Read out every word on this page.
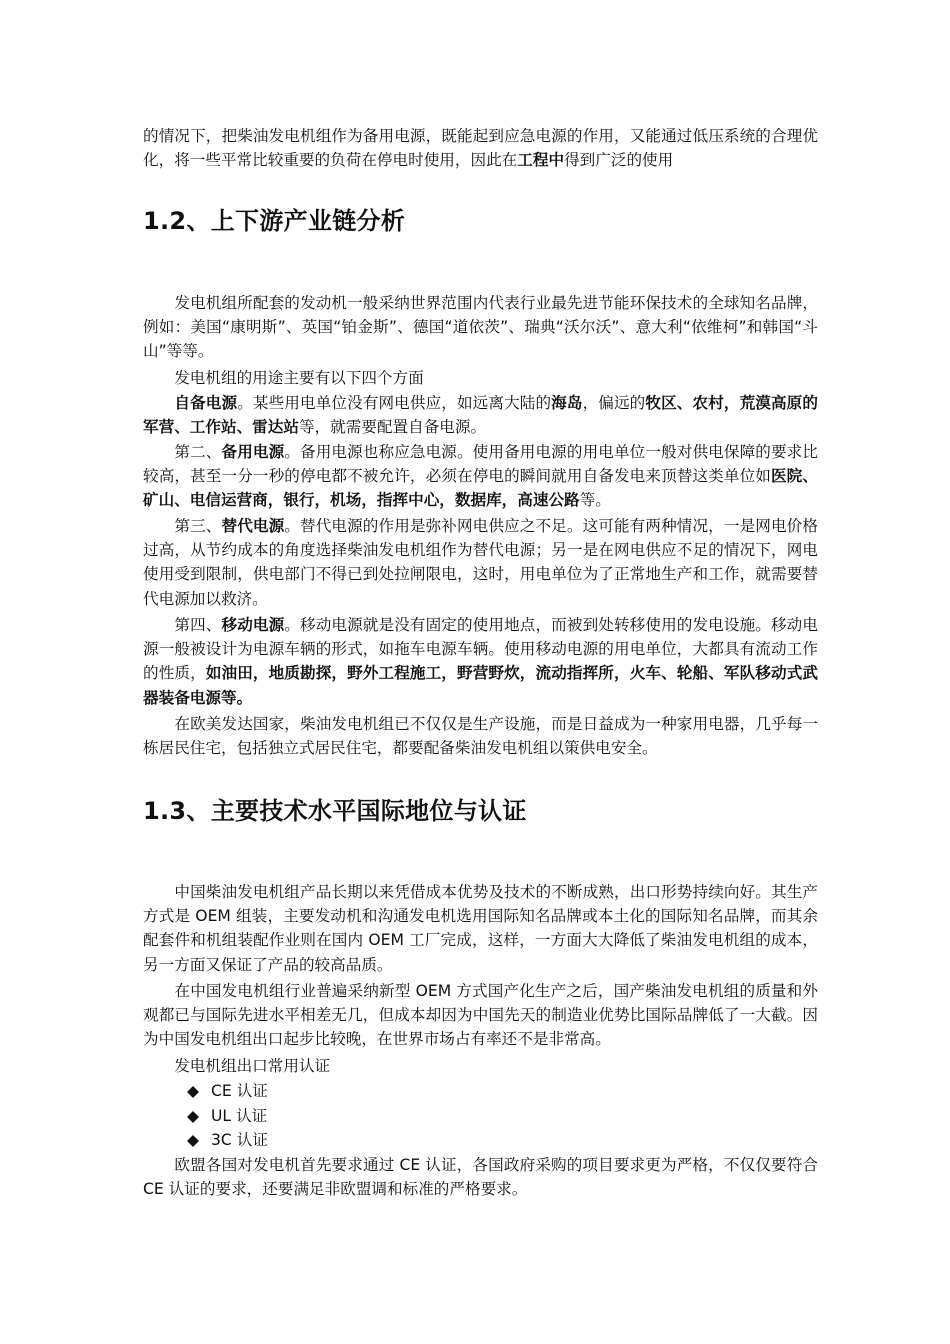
的情况下，把柴油发电机组作为备用电源，既能起到应急电源的作用，又能通过低压系统的合理优化，将一些平常比较重要的负荷在停电时使用，因此在工程中得到广泛的使用

1.2、上下游产业链分析

　　发电机组所配套的发动机一般采纳世界范围内代表行业最先进节能环保技术的全球知名品牌，例如：美国“康明斯”、英国“铂金斯”、德国“道依茨”、瑞典“沃尔沃”、意大利“依维柯”和韩国“斗山”等等。

　　发电机组的用途主要有以下四个方面

　　自备电源。某些用电单位没有网电供应，如远离大陆的海岛，偏远的牧区、农村，荒漠高原的军营、工作站、雷达站等，就需要配置自备电源。

　　第二、备用电源。备用电源也称应急电源。使用备用电源的用电单位一般对供电保障的要求比较高，甚至一分一秒的停电都不被允许，必须在停电的瞬间就用自备发电来顶替这类单位如医院、矿山、电信运营商，银行，机场，指挥中心，数据库，高速公路等。

　　第三、替代电源。替代电源的作用是弥补网电供应之不足。这可能有两种情况，一是网电价格过高，从节约成本的角度选择柴油发电机组作为替代电源；另一是在网电供应不足的情况下，网电使用受到限制，供电部门不得已到处拉闸限电，这时，用电单位为了正常地生产和工作，就需要替代电源加以救济。

　　第四、移动电源。移动电源就是没有固定的使用地点，而被到处转移使用的发电设施。移动电源一般被设计为电源车辆的形式，如拖车电源车辆。使用移动电源的用电单位，大都具有流动工作的性质，如油田，地质勘探，野外工程施工，野营野炊，流动指挥所，火车、轮船、军队移动式武器装备电源等。

　　在欧美发达国家，柴油发电机组已不仅仅是生产设施，而是日益成为一种家用电器，几乎每一栋居民住宅，包括独立式居民住宅，都要配备柴油发电机组以策供电安全。

1.3、主要技术水平国际地位与认证

　　中国柴油发电机组产品长期以来凭借成本优势及技术的不断成熟，出口形势持续向好。其生产方式是 OEM 组装，主要发动机和沟通发电机选用国际知名品牌或本土化的国际知名品牌，而其余配套件和机组装配作业则在国内 OEM 工厂完成，这样，一方面大大降低了柴油发电机组的成本，另一方面又保证了产品的较高品质。

　　在中国发电机组行业普遍采纳新型 OEM 方式国产化生产之后，国产柴油发电机组的质量和外观都已与国际先进水平相差无几，但成本却因为中国先天的制造业优势比国际品牌低了一大截。因为中国发电机组出口起步比较晚，在世界市场占有率还不是非常高。

　　发电机组出口常用认证

◆ CE 认证
◆ UL 认证
◆ 3C 认证

　　欧盟各国对发电机首先要求通过 CE 认证，各国政府采购的项目要求更为严格，不仅仅要符合 CE 认证的要求，还要满足非欧盟调和标准的严格要求。
